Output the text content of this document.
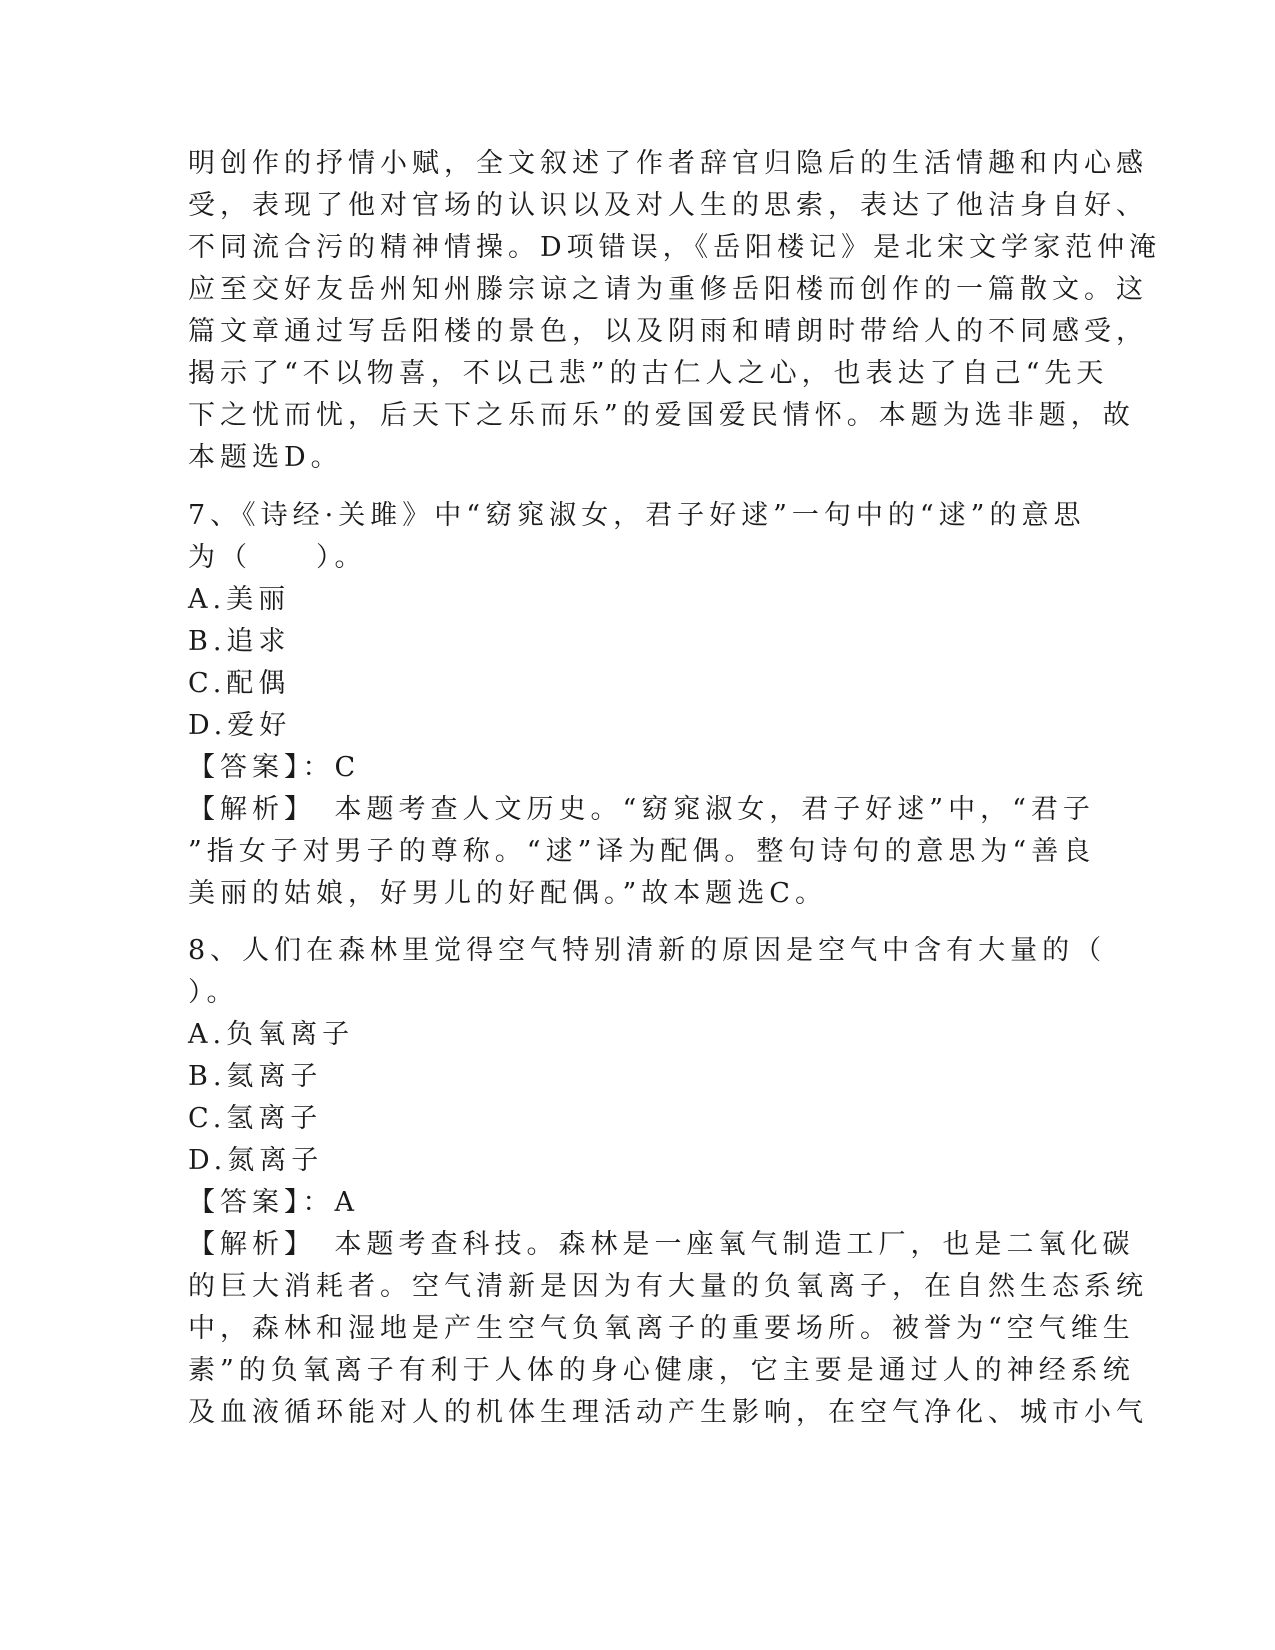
明创作的抒情小赋，全文叙述了作者辞官归隐后的生活情趣和内心感
受，表现了他对官场的认识以及对人生的思索，表达了他洁身自好、
不同流合污的精神情操。D项错误，《岳阳楼记》是北宋文学家范仲淹
应至交好友岳州知州滕宗谅之请为重修岳阳楼而创作的一篇散文。这
篇文章通过写岳阳楼的景色，以及阴雨和晴朗时带给人的不同感受，
揭示了“不以物喜，不以己悲”的古仁人之心，也表达了自己“先天
下之忧而忧，后天下之乐而乐”的爱国爱民情怀。本题为选非题，故
本题选D。
7、《诗经·关雎》中“窈窕淑女，君子好逑”一句中的“逑”的意思
为（　　）。
A.美丽
B.追求
C.配偶
D.爱好
【答案】：C
【解析】　本题考查人文历史。“窈窕淑女，君子好逑”中，“君子
”指女子对男子的尊称。“逑”译为配偶。整句诗句的意思为“善良
美丽的姑娘，好男儿的好配偶。”故本题选C。
8、人们在森林里觉得空气特别清新的原因是空气中含有大量的（
）。
A.负氧离子
B.氦离子
C.氢离子
D.氮离子
【答案】：A
【解析】　本题考查科技。森林是一座氧气制造工厂，也是二氧化碳
的巨大消耗者。空气清新是因为有大量的负氧离子，在自然生态系统
中，森林和湿地是产生空气负氧离子的重要场所。被誉为“空气维生
素”的负氧离子有利于人体的身心健康，它主要是通过人的神经系统
及血液循环能对人的机体生理活动产生影响，在空气净化、城市小气
